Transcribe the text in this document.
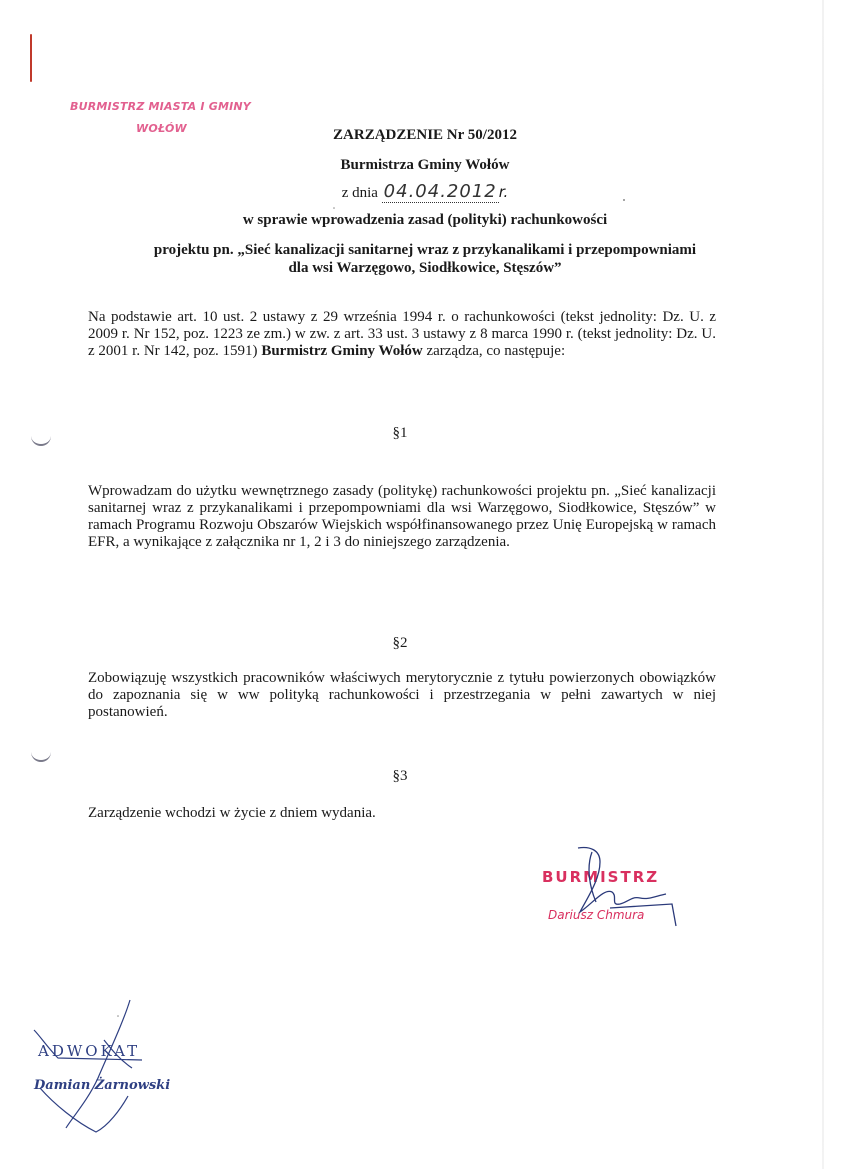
BURMISTRZ MIASTA I GMINY
WOŁÓW	ZARZĄDZENIE Nr 50/2012
Burmistrza Gminy Wołów
z dnia 04.04.2012 r.
w sprawie wprowadzenia zasad (polityki) rachunkowości
projektu pn. „Sieć kanalizacji sanitarnej wraz z przykanalikami i przepompowniami
dla wsi Warzęgowo, Siodłkowice, Stęszów”

Na podstawie art. 10 ust. 2 ustawy z 29 września 1994 r. o rachunkowości (tekst jednolity: Dz. U. z 2009 r. Nr 152, poz. 1223 ze zm.) w zw. z art. 33 ust. 3 ustawy z 8 marca 1990 r. (tekst jednolity: Dz. U. z 2001 r. Nr 142, poz. 1591) Burmistrz Gminy Wołów zarządza, co następuje:

§1

Wprowadzam do użytku wewnętrznego zasady (politykę) rachunkowości projektu pn. „Sieć kanalizacji sanitarnej wraz z przykanalikami i przepompowniami dla wsi Warzęgowo, Siodłkowice, Stęszów” w ramach Programu Rozwoju Obszarów Wiejskich współfinansowanego przez Unię Europejską w ramach EFR, a wynikające z załącznika nr 1, 2 i 3 do niniejszego zarządzenia.

§2

Zobowiązuję wszystkich pracowników właściwych merytorycznie z tytułu powierzonych obowiązków do zapoznania się w ww polityką rachunkowości i przestrzegania w pełni zawartych w niej postanowień.

§3

Zarządzenie wchodzi w życie z dniem wydania.

BURMISTRZ
Dariusz Chmura
ADWOKAT
Damian Żarnowski
